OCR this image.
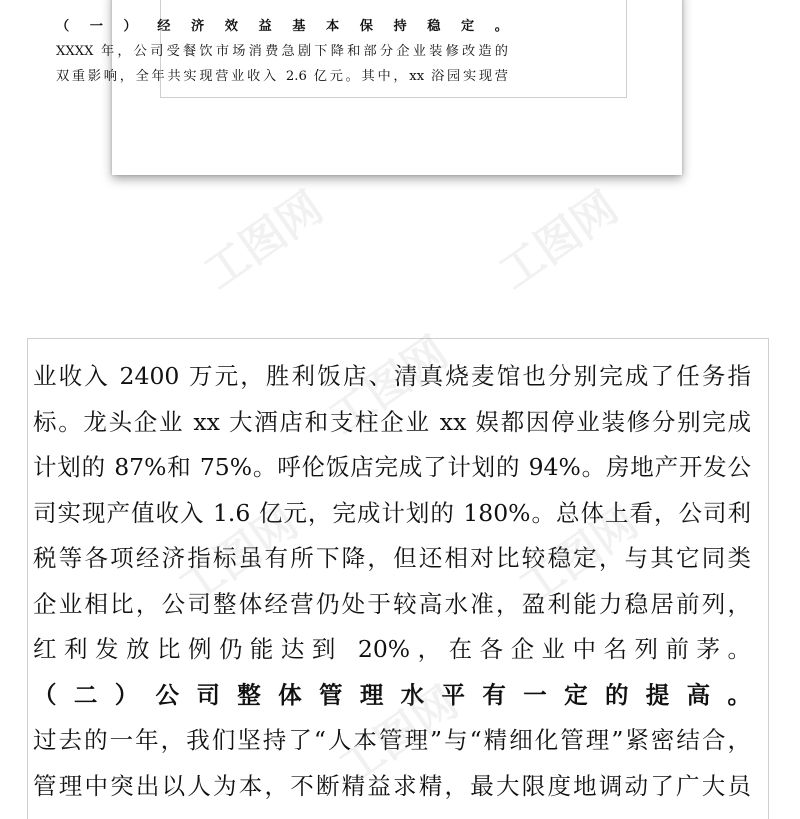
（一）经济效益基本保持稳定。
XXXX 年，公司受餐饮市场消费急剧下降和部分企业装修改造的
双重影响，全年共实现营业收入 2.6 亿元。其中，xx 浴园实现营
业收入 2400 万元，胜利饭店、清真烧麦馆也分别完成了任务指
标。龙头企业 xx 大酒店和支柱企业 xx 娱都因停业装修分别完成
计划的 87%和 75%。呼伦饭店完成了计划的 94%。房地产开发公
司实现产值收入 1.6 亿元，完成计划的 180%。总体上看，公司利
税等各项经济指标虽有所下降，但还相对比较稳定，与其它同类
企业相比，公司整体经营仍处于较高水准，盈利能力稳居前列，
红利发放比例仍能达到 20%，在各企业中名列前茅。
（二）公司整体管理水平有一定的提高。
过去的一年，我们坚持了“人本管理”与“精细化管理”紧密结合，
管理中突出以人为本，不断精益求精，最大限度地调动了广大员
工图网	工图网
工图网
工图网	工图网
工图网
